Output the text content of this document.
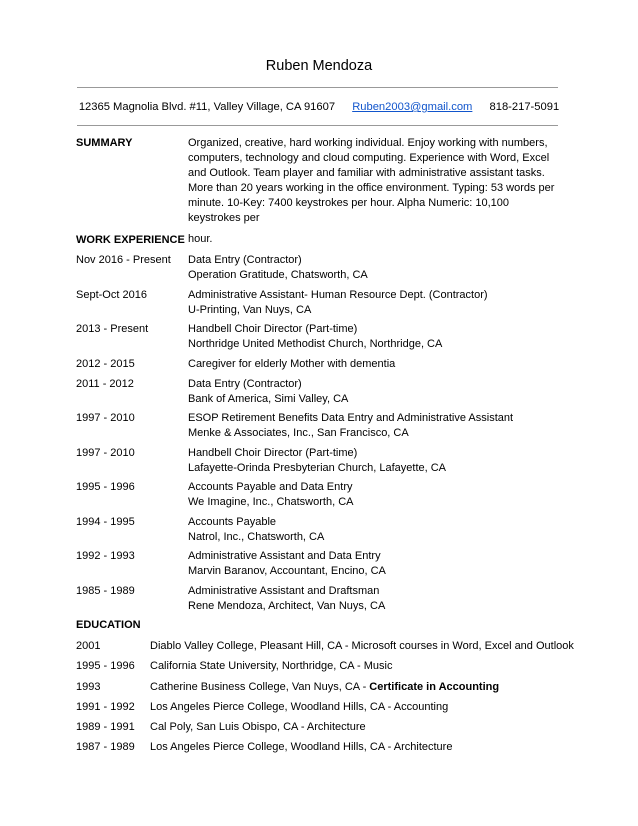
Ruben Mendoza
12365 Magnolia Blvd. #11, Valley Village, CA 91607 Ruben2003@gmail.com 818-217-5091
SUMMARY	Organized, creative, hard working individual. Enjoy working with numbers, computers, technology and cloud computing. Experience with Word, Excel and Outlook. Team player and familiar with administrative assistant tasks. More than 20 years working in the office environment. Typing: 53 words per minute. 10-Key: 7400 keystrokes per hour. Alpha Numeric: 10,100 keystrokes per
hour.
WORK EXPERIENCE
Nov 2016 - Present	Data Entry (Contractor)
Operation Gratitude, Chatsworth, CA
Sept-Oct 2016	Administrative Assistant- Human Resource Dept. (Contractor)
U-Printing, Van Nuys, CA
2013 - Present	Handbell Choir Director (Part-time)
Northridge United Methodist Church, Northridge, CA
2012 - 2015	Caregiver for elderly Mother with dementia
2011 - 2012	Data Entry (Contractor)
Bank of America, Simi Valley, CA
1997 - 2010	ESOP Retirement Benefits Data Entry and Administrative Assistant
Menke & Associates, Inc., San Francisco, CA
1997 - 2010	Handbell Choir Director (Part-time)
Lafayette-Orinda Presbyterian Church, Lafayette, CA
1995 - 1996	Accounts Payable and Data Entry
We Imagine, Inc., Chatsworth, CA
1994 - 1995	Accounts Payable
Natrol, Inc., Chatsworth, CA
1992 - 1993	Administrative Assistant and Data Entry
Marvin Baranov, Accountant, Encino, CA
1985 - 1989	Administrative Assistant and Draftsman
Rene Mendoza, Architect, Van Nuys, CA
EDUCATION
2001	Diablo Valley College, Pleasant Hill, CA - Microsoft courses in Word, Excel and Outlook
1995 - 1996 California State University, Northridge, CA - Music
1993	Catherine Business College, Van Nuys, CA - Certificate in Accounting
1991 - 1992 Los Angeles Pierce College, Woodland Hills, CA - Accounting
1989 - 1991 Cal Poly, San Luis Obispo, CA - Architecture
1987 - 1989 Los Angeles Pierce College, Woodland Hills, CA - Architecture
